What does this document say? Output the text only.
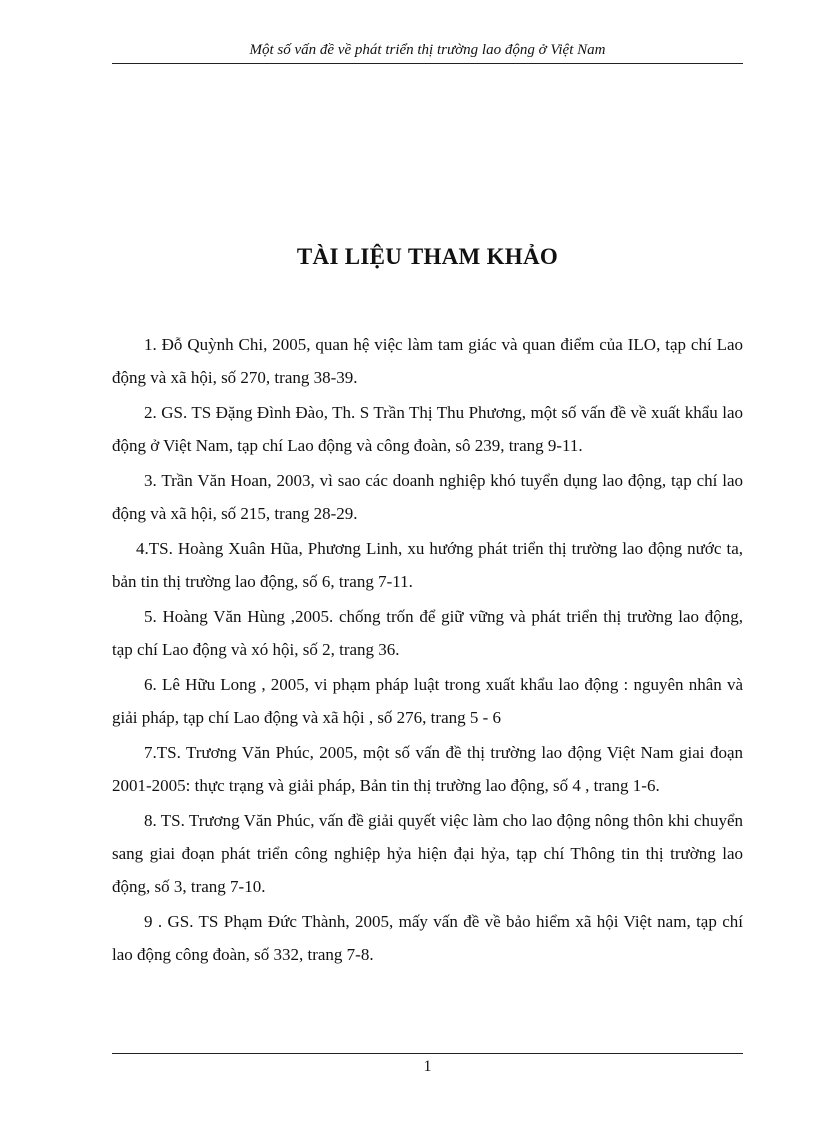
Một số vấn đề về phát triển thị trường lao động ở Việt Nam
TÀI LIỆU THAM KHẢO

1. Đỗ Quỳnh Chi, 2005, quan hệ việc làm tam giác và quan điểm của ILO, tạp chí Lao động và xã hội, số 270, trang 38-39.

2. GS. TS Đặng Đình Đào, Th. S Trần Thị Thu Phương, một số vấn đề về xuất khẩu lao động ở Việt Nam, tạp chí Lao động và công đoàn, sô 239, trang 9-11.

3. Trần Văn Hoan, 2003, vì sao các doanh nghiệp khó tuyển dụng lao động, tạp chí lao động và xã hội, số 215, trang 28-29.

4.TS. Hoàng Xuân Hũa, Phương Linh, xu hướng phát triển thị trường lao động nước ta, bản tin thị trường lao động, số 6, trang 7-11.

5. Hoàng Văn Hùng ,2005. chống trốn để giữ vững và phát triển thị trường lao động, tạp chí Lao động và xó hội, số 2, trang 36.

6. Lê Hữu Long , 2005, vi phạm pháp luật trong xuất khẩu lao động : nguyên nhân và giải pháp, tạp chí Lao động và xã hội , số 276, trang 5 - 6

7.TS. Trương Văn Phúc, 2005, một số vấn đề thị trường lao động Việt Nam giai đoạn 2001-2005: thực trạng và giải pháp, Bản tin thị trường lao động, số 4 , trang 1-6.

8. TS. Trương Văn Phúc, vấn đề giải quyết việc làm cho lao động nông thôn khi chuyển sang giai đoạn phát triển công nghiệp hỷa hiện đại hỷa, tạp chí Thông tin thị trường lao động, số 3, trang 7-10.

9 . GS. TS Phạm Đức Thành, 2005, mấy vấn đề về bảo hiểm xã hội Việt nam, tạp chí lao động công đoàn, số 332, trang 7-8.

1
